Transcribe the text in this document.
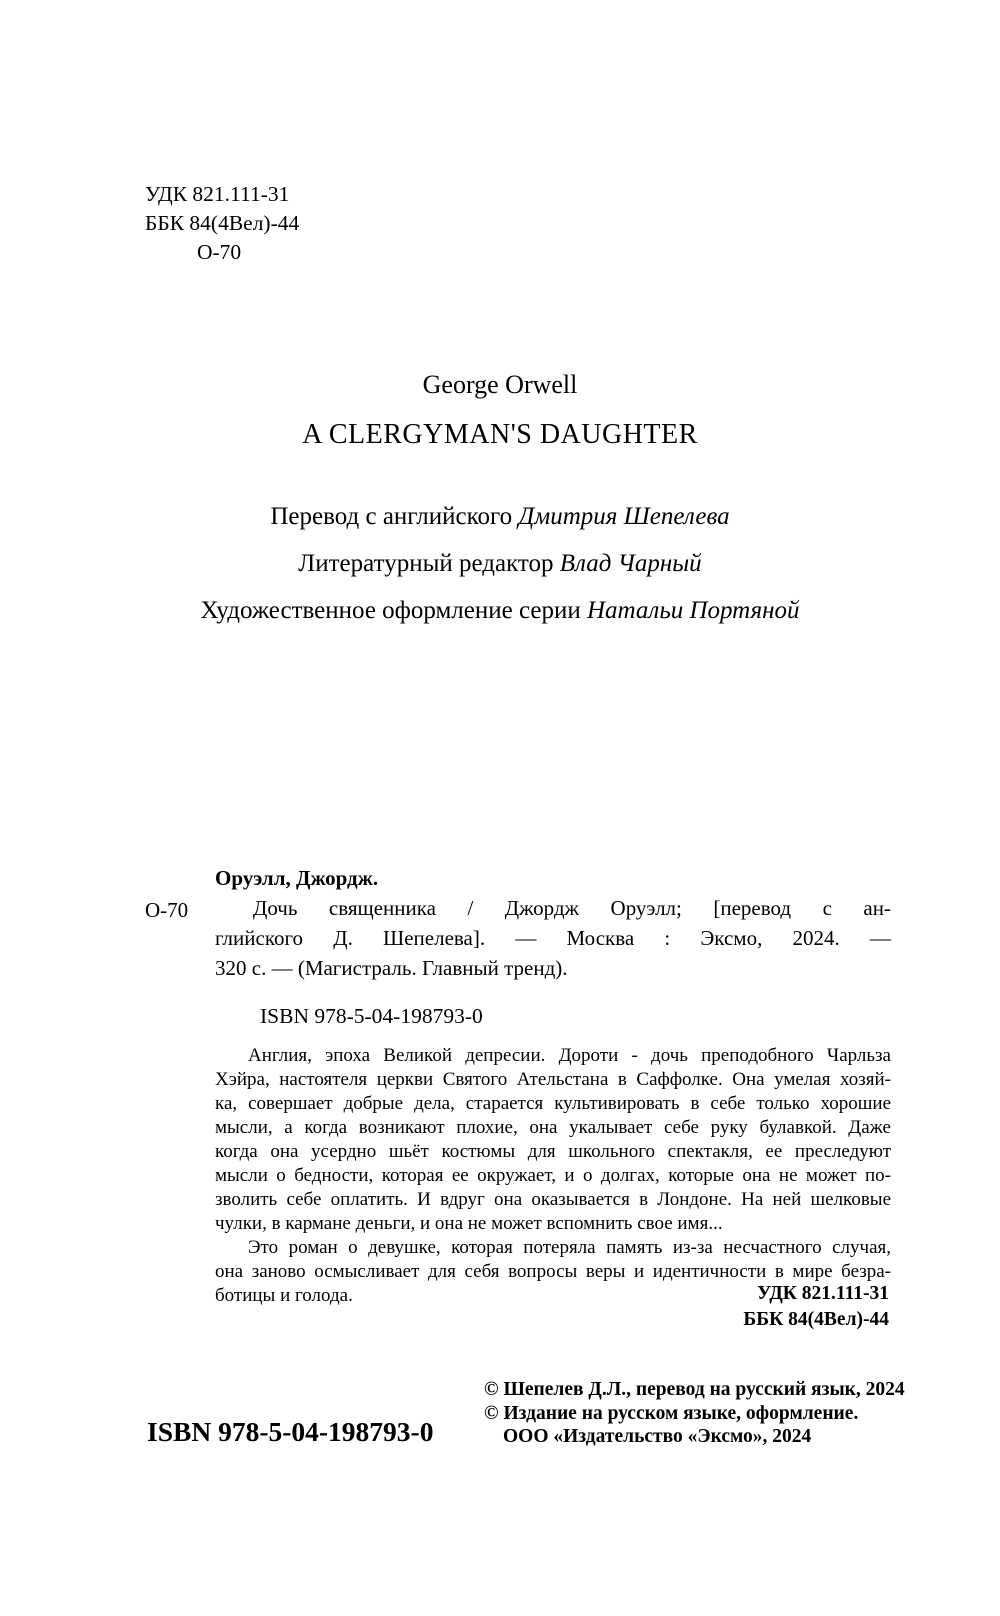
УДК 821.111-31
ББК 84(4Вел)-44
О-70
George Orwell
A CLERGYMAN'S DAUGHTER
Перевод с английского Дмитрия Шепелева
Литературный редактор Влад Чарный
Художественное оформление серии Натальи Портяной
Оруэлл, Джордж.
О-70	Дочь священника / Джордж Оруэлл; [перевод с ан-
глийского Д. Шепелева]. — Москва : Эксмо, 2024. —
320 с. — (Магистраль. Главный тренд).
ISBN 978-5-04-198793-0
Англия, эпоха Великой депресии. Дороти - дочь преподобного Чарльза
Хэйра, настоятеля церкви Святого Ательстана в Саффолке. Она умелая хозяй-
ка, совершает добрые дела, старается культивировать в себе только хорошие
мысли, а когда возникают плохие, она укалывает себе руку булавкой. Даже
когда она усердно шьёт костюмы для школьного спектакля, ее преследуют
мысли о бедности, которая ее окружает, и о долгах, которые она не может по-
зволить себе оплатить. И вдруг она оказывается в Лондоне. На ней шелковые
чулки, в кармане деньги, и она не может вспомнить свое имя...
Это роман о девушке, которая потеряла память из-за несчастного случая,
она заново осмысливает для себя вопросы веры и идентичности в мире безра-
ботицы и голода.	УДК 821.111-31
ББК 84(4Вел)-44
© Шепелев Д.Л., перевод на русский язык, 2024
© Издание на русском языке, оформление.
ООО «Издательство «Эксмо», 2024
ISBN 978-5-04-198793-0
